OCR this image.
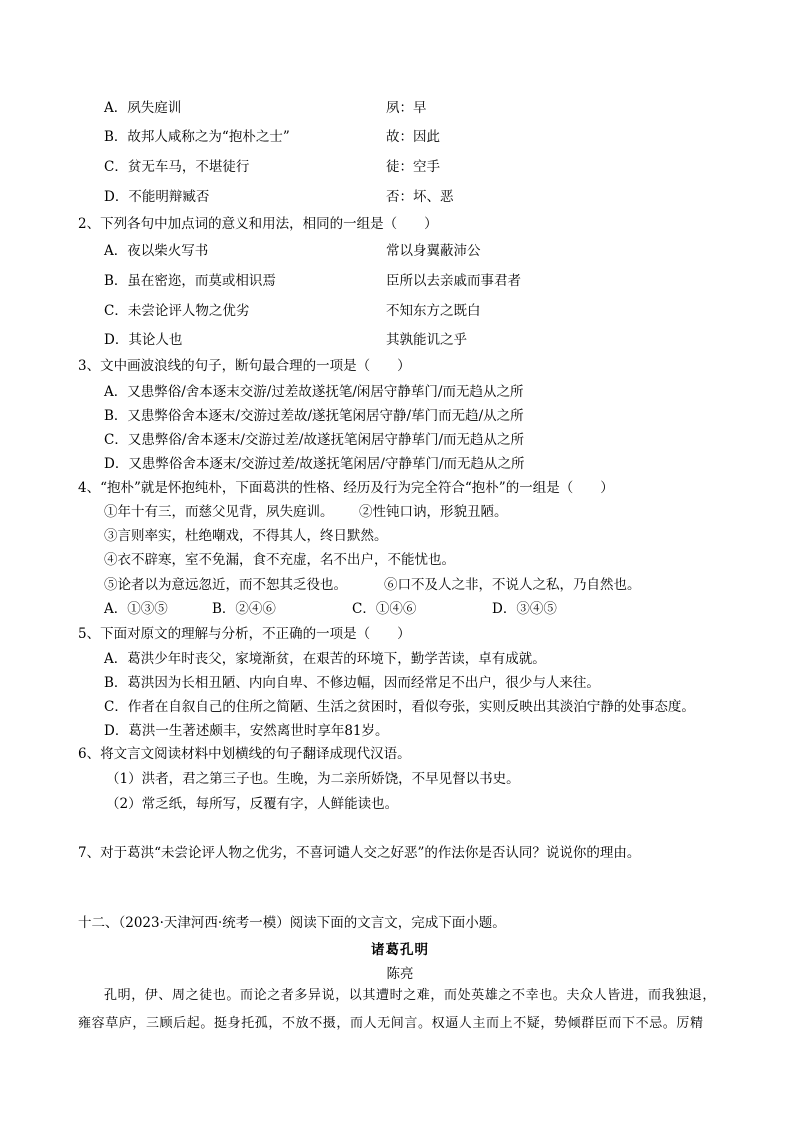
A．夙失庭训	夙：早
B．故邦人咸称之为“抱朴之士”	故：因此
C．贫无车马，不堪徒行	徒：空手
D．不能明辩臧否	否：坏、恶
2、下列各句中加点词的意义和用法，相同的一组是（　　）
A．夜以柴火写书	常以身翼蔽沛公
B．虽在密迩，而莫或相识焉	臣所以去亲戚而事君者
C．未尝论评人物之优劣	不知东方之既白
D．其论人也	其孰能讥之乎
3、文中画波浪线的句子，断句最合理的一项是（　　）
A．又患弊俗/舍本逐末交游/过差故遂抚笔/闲居守静荜门/而无趋从之所
B．又患弊俗舍本逐末/交游过差故/遂抚笔闲居守静/荜门而无趋/从之所
C．又患弊俗/舍本逐末/交游过差/故遂抚笔闲居守静荜门/而无趋从之所
D．又患弊俗舍本逐末/交游过差/故遂抚笔闲居/守静荜门/而无趋从之所
4、“抱朴”就是怀抱纯朴，下面葛洪的性格、经历及行为完全符合“抱朴”的一组是（　　）
①年十有三，而慈父见背，夙失庭训。 ②性钝口讷，形貌丑陋。
③言则率实，杜绝嘲戏，不得其人，终日默然。
④衣不辟寒，室不免漏，食不充虚，名不出户，不能忧也。
⑤论者以为意远忽近，而不恕其乏役也。	⑥口不及人之非，不说人之私，乃自然也。
A．①③⑤	B．②④⑥	C．①④⑥	D．③④⑤
5、下面对原文的理解与分析，不正确的一项是（　　）
A．葛洪少年时丧父，家境渐贫，在艰苦的环境下，勤学苦读，卓有成就。
B．葛洪因为长相丑陋、内向自卑、不修边幅，因而经常足不出户，很少与人来往。
C．作者在自叙自己的住所之简陋、生活之贫困时，看似夸张，实则反映出其淡泊宁静的处事态度。
D．葛洪一生著述颇丰，安然离世时享年81岁。
6、将文言文阅读材料中划横线的句子翻译成现代汉语。
（1）洪者，君之第三子也。生晚，为二亲所娇饶，不早见督以书史。
（2）常乏纸，每所写，反覆有字，人鲜能读也。
7、对于葛洪“未尝论评人物之优劣，不喜诃谴人交之好恶”的作法你是否认同？说说你的理由。
十二、（2023·天津河西·统考一模）阅读下面的文言文，完成下面小题。
诸葛孔明
陈亮
孔明，伊、周之徒也。而论之者多异说，以其遭时之难，而处英雄之不幸也。夫众人皆进，而我独退，
雍容草庐，三顾后起。挺身托孤，不放不摄，而人无间言。权逼人主而上不疑，势倾群臣而下不忌。厉精
